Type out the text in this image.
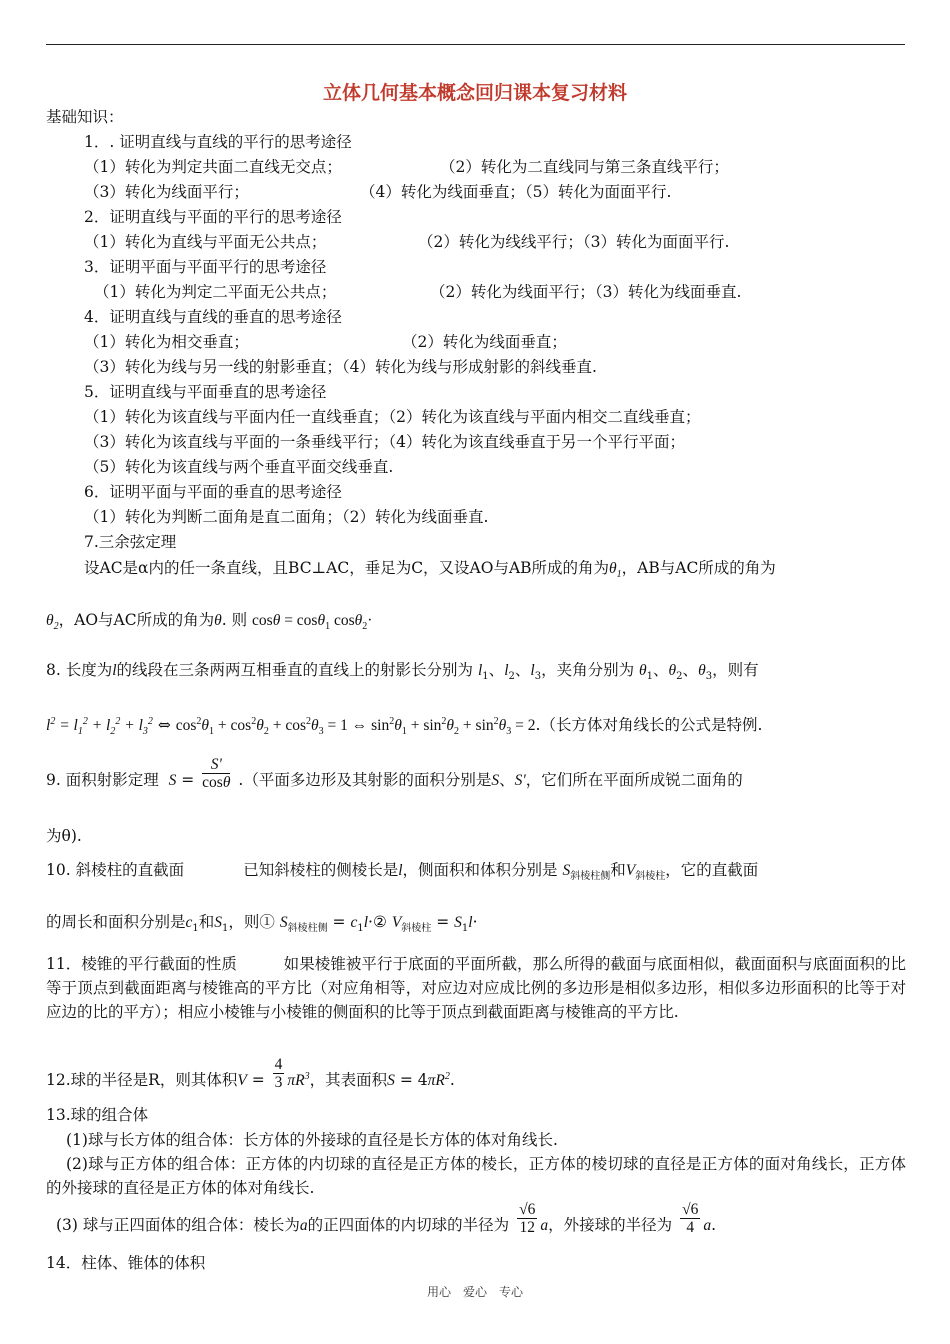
立体几何基本概念回归课本复习材料
基础知识：
1．. 证明直线与直线的平行的思考途径
（1）转化为判定共面二直线无交点；	（2）转化为二直线同与第三条直线平行；
（3）转化为线面平行；	（4）转化为线面垂直；（5）转化为面面平行.
2．证明直线与平面的平行的思考途径
（1）转化为直线与平面无公共点；	（2）转化为线线平行；（3）转化为面面平行.
3．证明平面与平面平行的思考途径
（1）转化为判定二平面无公共点；	（2）转化为线面平行；（3）转化为线面垂直.
4．证明直线与直线的垂直的思考途径
（1）转化为相交垂直；	（2）转化为线面垂直；
（3）转化为线与另一线的射影垂直；（4）转化为线与形成射影的斜线垂直.
5．证明直线与平面垂直的思考途径
（1）转化为该直线与平面内任一直线垂直；（2）转化为该直线与平面内相交二直线垂直；
（3）转化为该直线与平面的一条垂线平行；（4）转化为该直线垂直于另一个平行平面；
（5）转化为该直线与两个垂直平面交线垂直.
6．证明平面与平面的垂直的思考途径
（1）转化为判断二面角是直二面角；（2）转化为线面垂直.
7.三余弦定理
设AC是α内的任一条直线，且BC⊥AC，垂足为C，又设AO与AB所成的角为$\theta_1$，AB与AC所成的角为
$\theta_2$，AO与AC所成的角为θ. 则 cosθ = cosθ$_1$ cosθ$_2$·
8. 长度为l的线段在三条两两互相垂直的直线上的射影长分别为 $l_1$、$l_2$、$l_3$，夹角分别为 $\theta_1$、$\theta_2$、$\theta_3$，则有
$l^2 = l_1^2 + l_2^2 + l_3^2$ ⇔ $\cos^2\theta_1 + \cos^2\theta_2 + \cos^2\theta_3 = 1$ ⇔ $\sin^2\theta_1 + \sin^2\theta_2 + \sin^2\theta_3 = 2$.（长方体对角线长的公式是特例.
9. 面积射影定理 $S = \frac{S'}{\cos\theta}$ .（平面多边形及其射影的面积分别是S、S'，它们所在平面所成锐二面角的
为θ).
10. 斜棱柱的直截面	已知斜棱柱的侧棱长是l，侧面积和体积分别是 $S_{斜棱柱侧}$和$V_{斜棱柱}$，它的直截面
的周长和面积分别是$c_1$和$S_1$，则① $S_{斜棱柱侧}$ = $c_1l\cdot ②$ $V_{斜棱柱} = S_1l\cdot$
11．棱锥的平行截面的性质　　　如果棱锥被平行于底面的平面所截，那么所得的截面与底面相似，截面面积与底面面积的比等于顶点到截面距离与棱锥高的平方比（对应角相等，对应边对应成比例的多边形是相似多边形，相似多边形面积的比等于对应边的比的平方）；相应小棱锥与小棱锥的侧面积的比等于顶点到截面距离与棱锥高的平方比.
12.球的半径是R，则其体积$V = \frac{4}{3} \pi R^3$，其表面积$S = 4\pi R^2$.
13.球的组合体
(1)球与长方体的组合体：长方体的外接球的直径是长方体的体对角线长.
(2)球与正方体的组合体：正方体的内切球的直径是正方体的棱长，正方体的棱切球的直径是正方体的面对角线长，正方体的外接球的直径是正方体的体对角线长.
(3) 球与正四面体的组合体：棱长为a的正四面体的内切球的半径为 $\frac{√6}{12}$ a，外接球的半径为 $\frac{√6}{4} a$.
14．柱体、锥体的体积
用心　爱心　专心
